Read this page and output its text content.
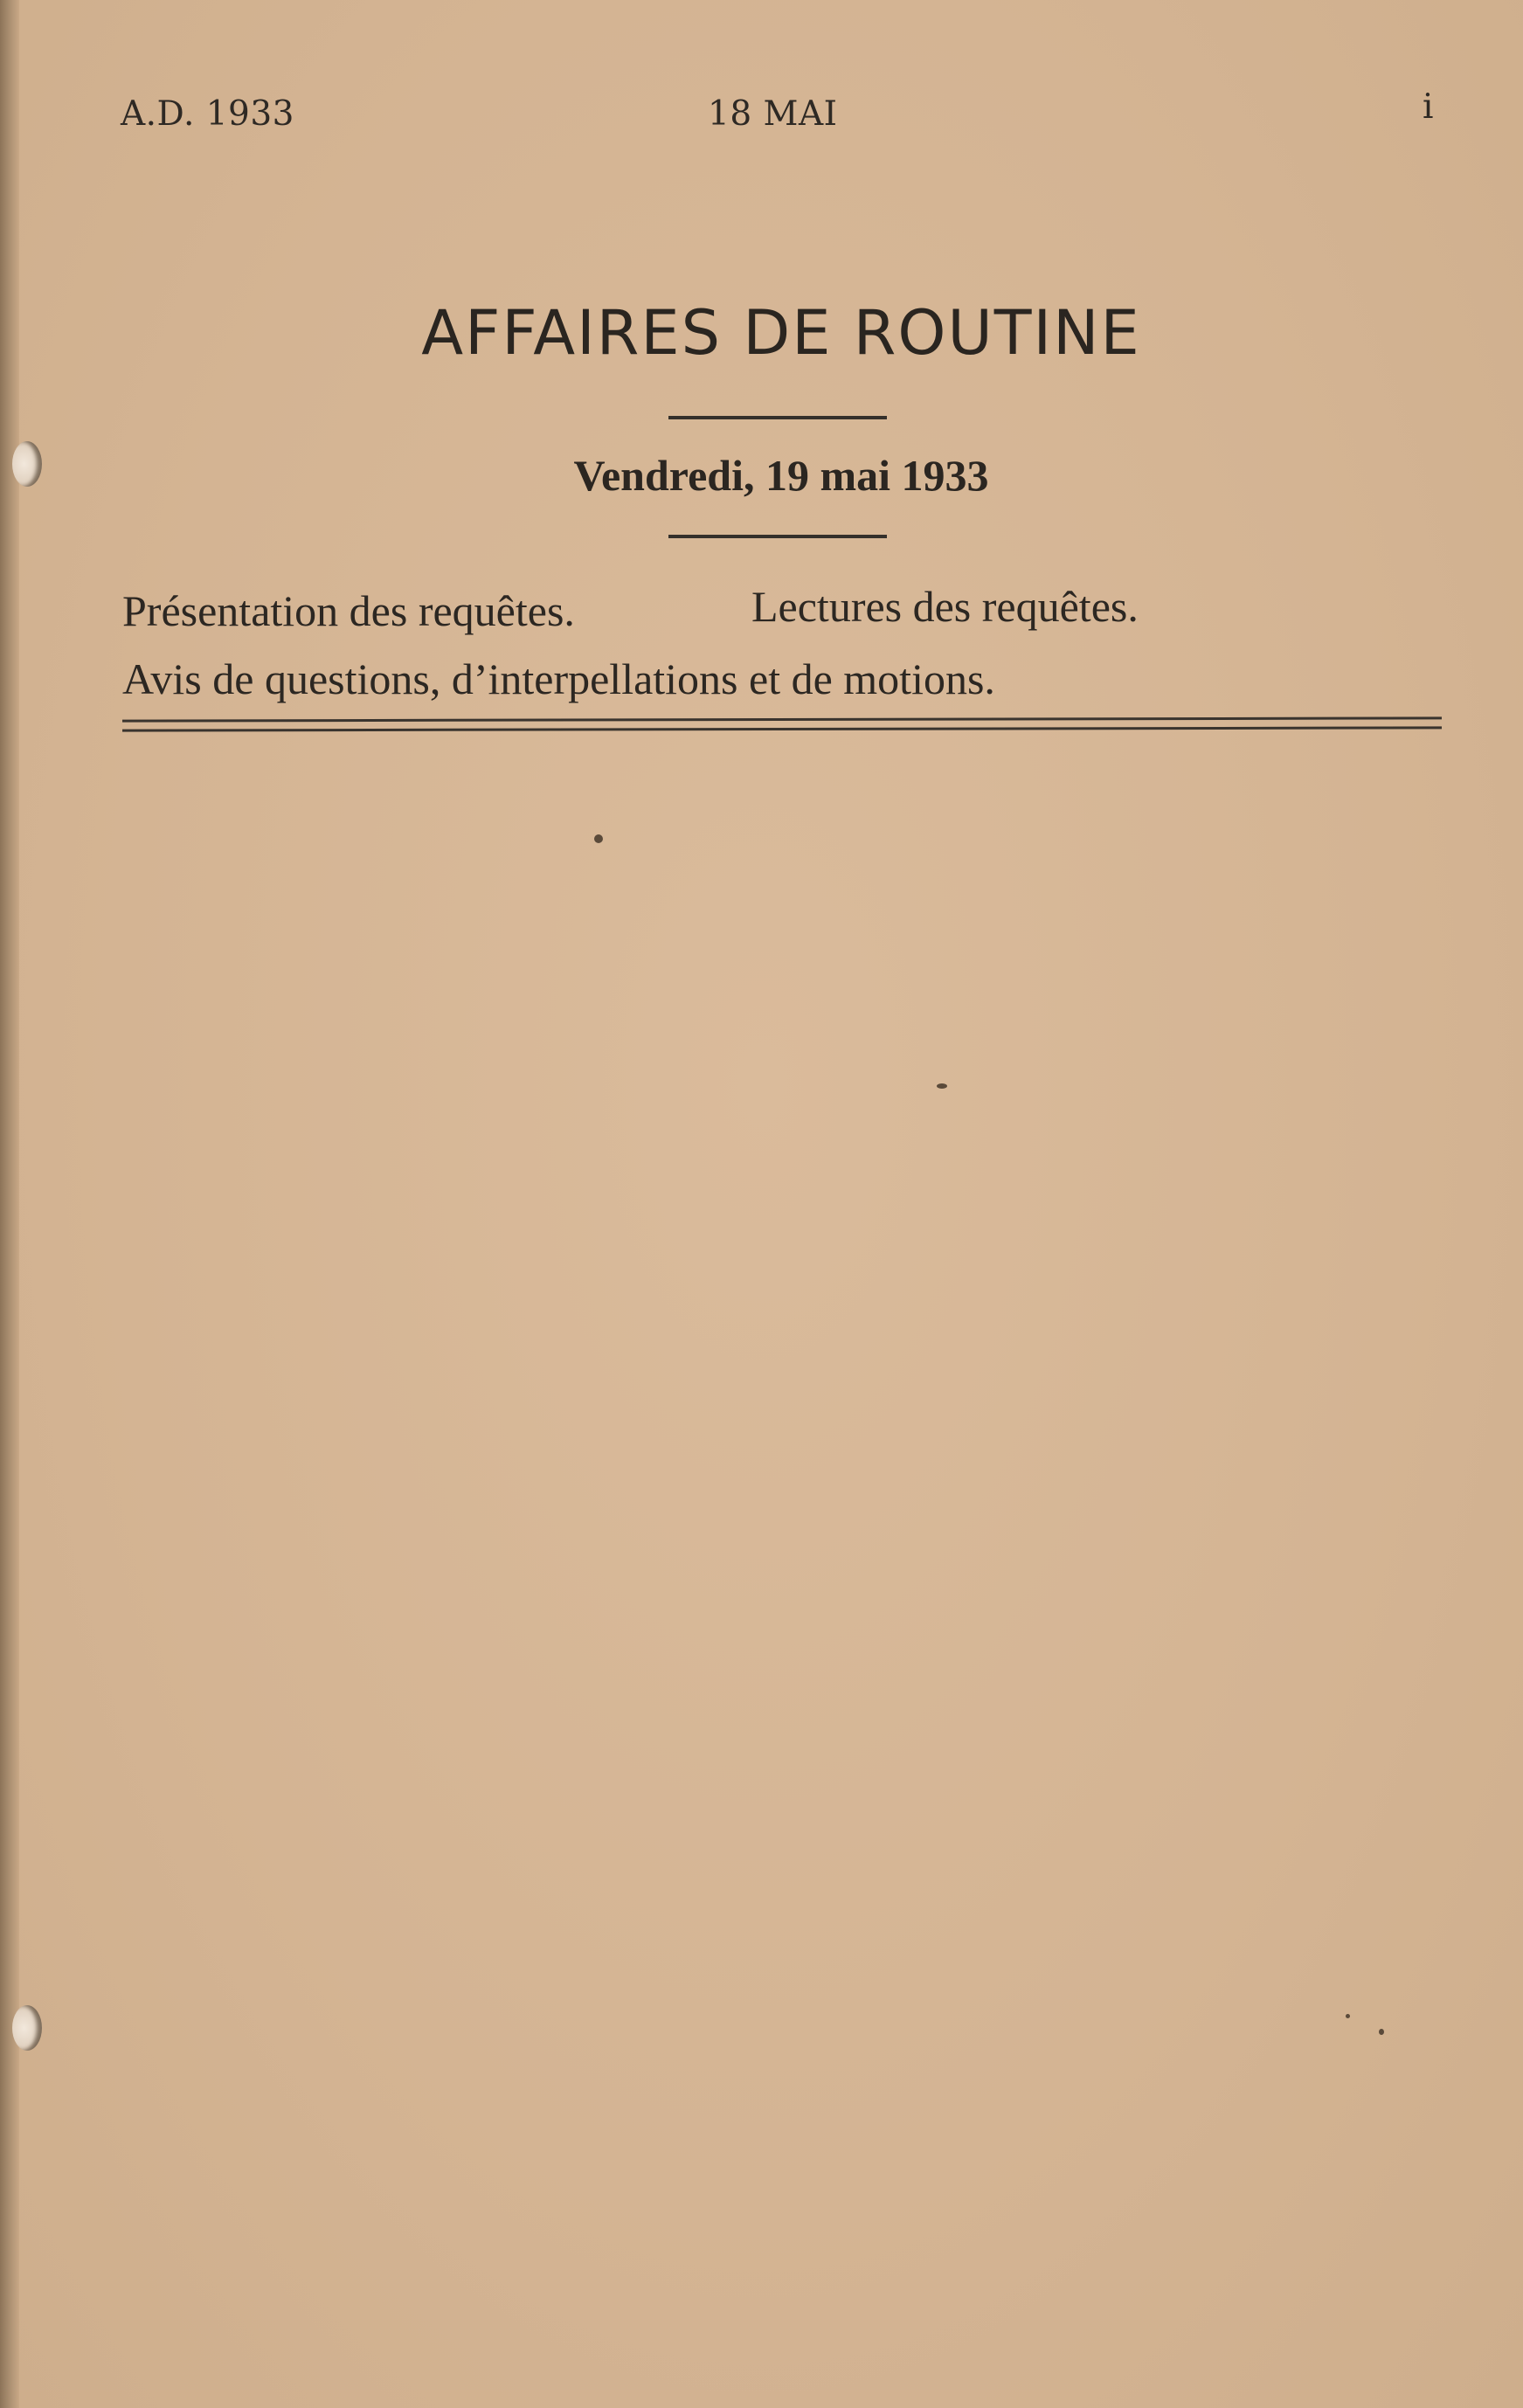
A.D. 1933	18 MAI	i
AFFAIRES DE ROUTINE
Vendredi, 19 mai 1933
Présentation des requêtes.	Lectures des requêtes.
Avis de questions, d’interpellations et de motions.
